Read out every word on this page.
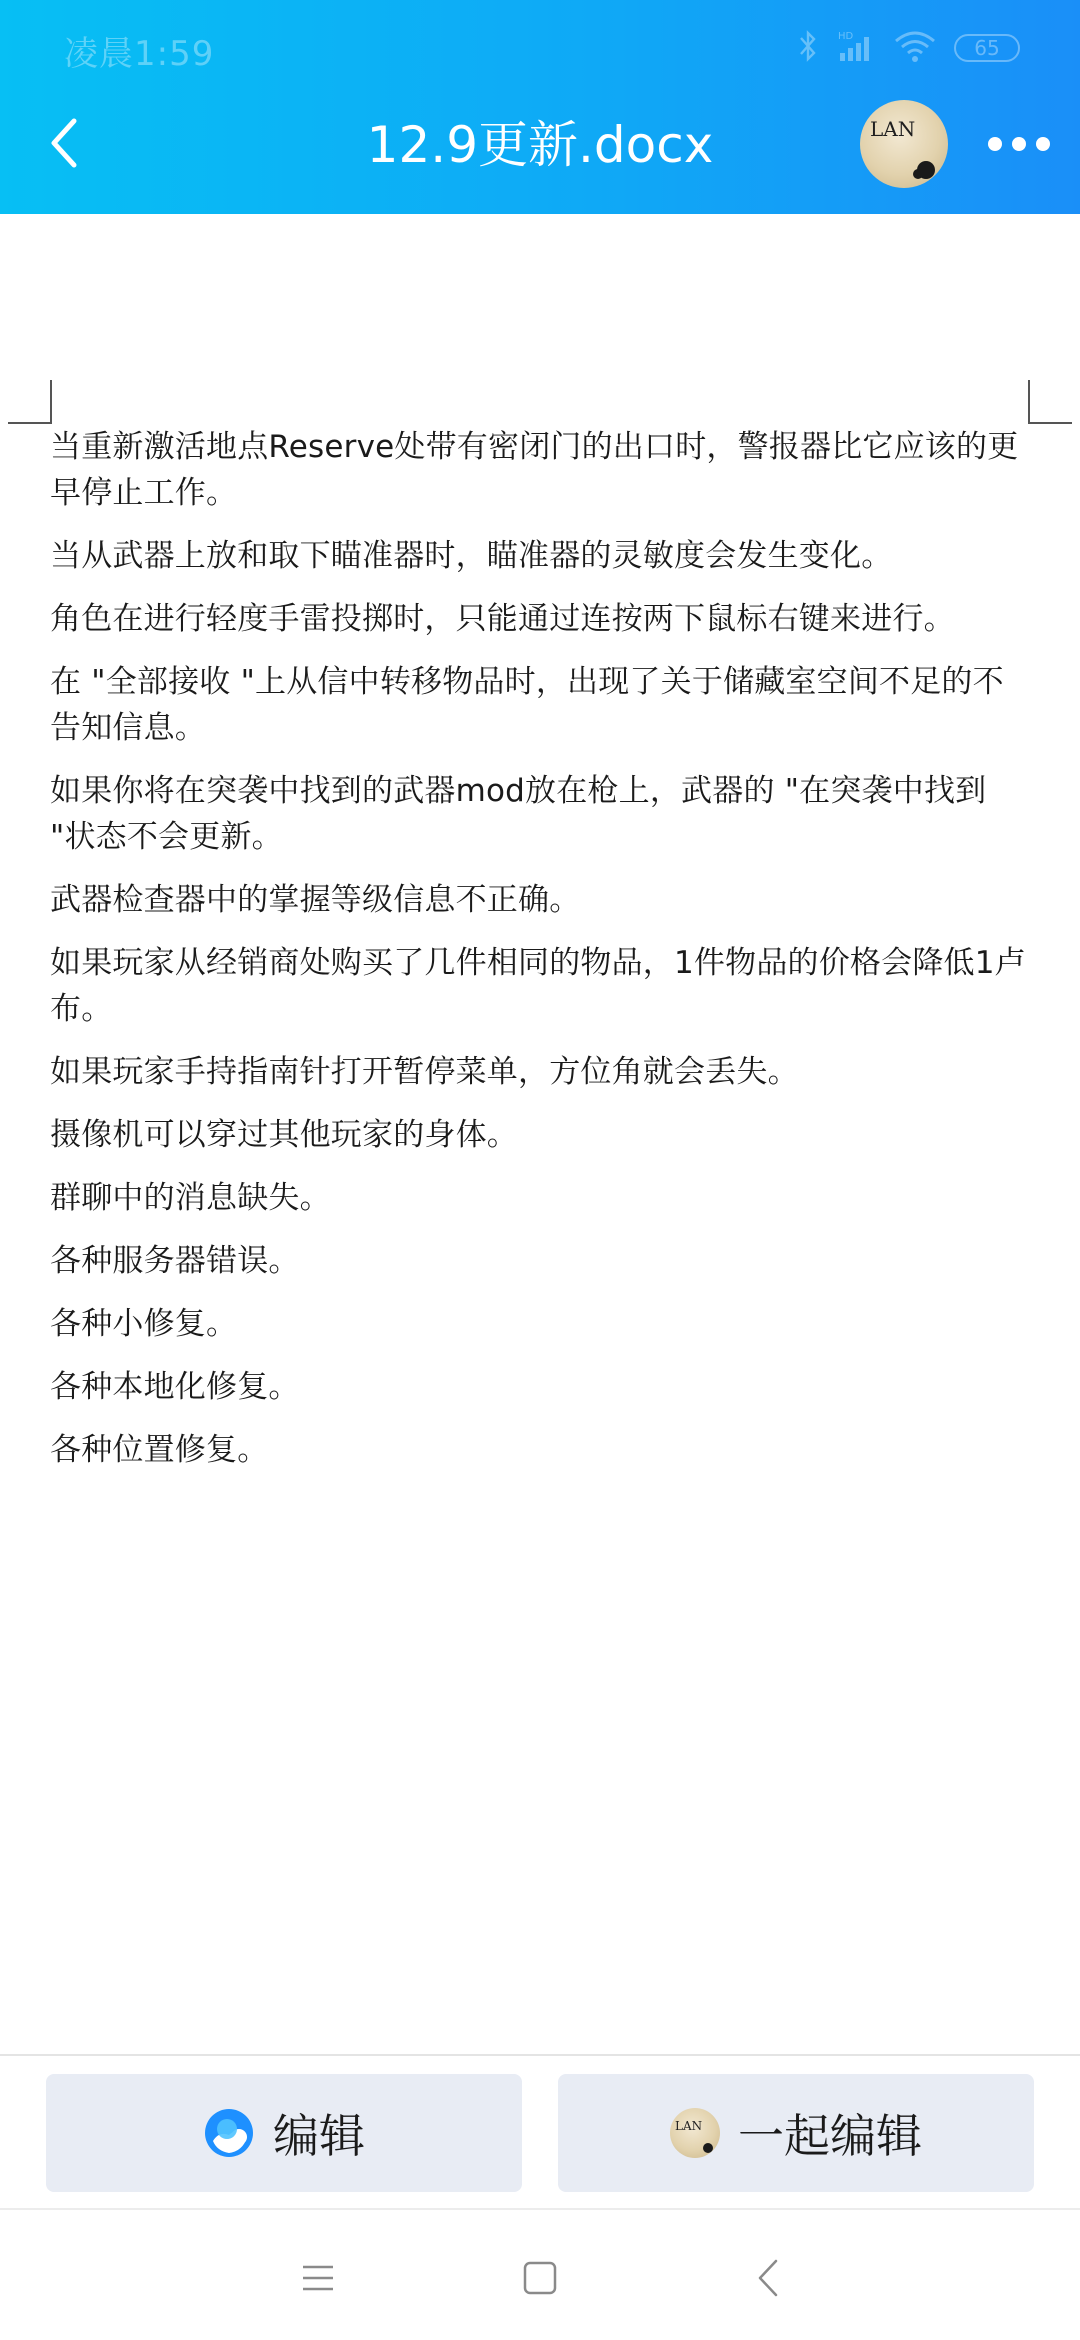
凌晨1:59	HD	65
12.9更新.docx	LAN

当重新激活地点Reserve处带有密闭门的出口时，警报器比它应该的更早停止工作。

当从武器上放和取下瞄准器时，瞄准器的灵敏度会发生变化。

角色在进行轻度手雷投掷时，只能通过连按两下鼠标右键来进行。

在 "全部接收 "上从信中转移物品时，出现了关于储藏室空间不足的不告知信息。

如果你将在突袭中找到的武器mod放在枪上，武器的 "在突袭中找到 "状态不会更新。

武器检查器中的掌握等级信息不正确。

如果玩家从经销商处购买了几件相同的物品，1件物品的价格会降低1卢布。

如果玩家手持指南针打开暂停菜单，方位角就会丢失。

摄像机可以穿过其他玩家的身体。

群聊中的消息缺失。

各种服务器错误。

各种小修复。

各种本地化修复。

各种位置修复。

编辑	LAN 一起编辑
